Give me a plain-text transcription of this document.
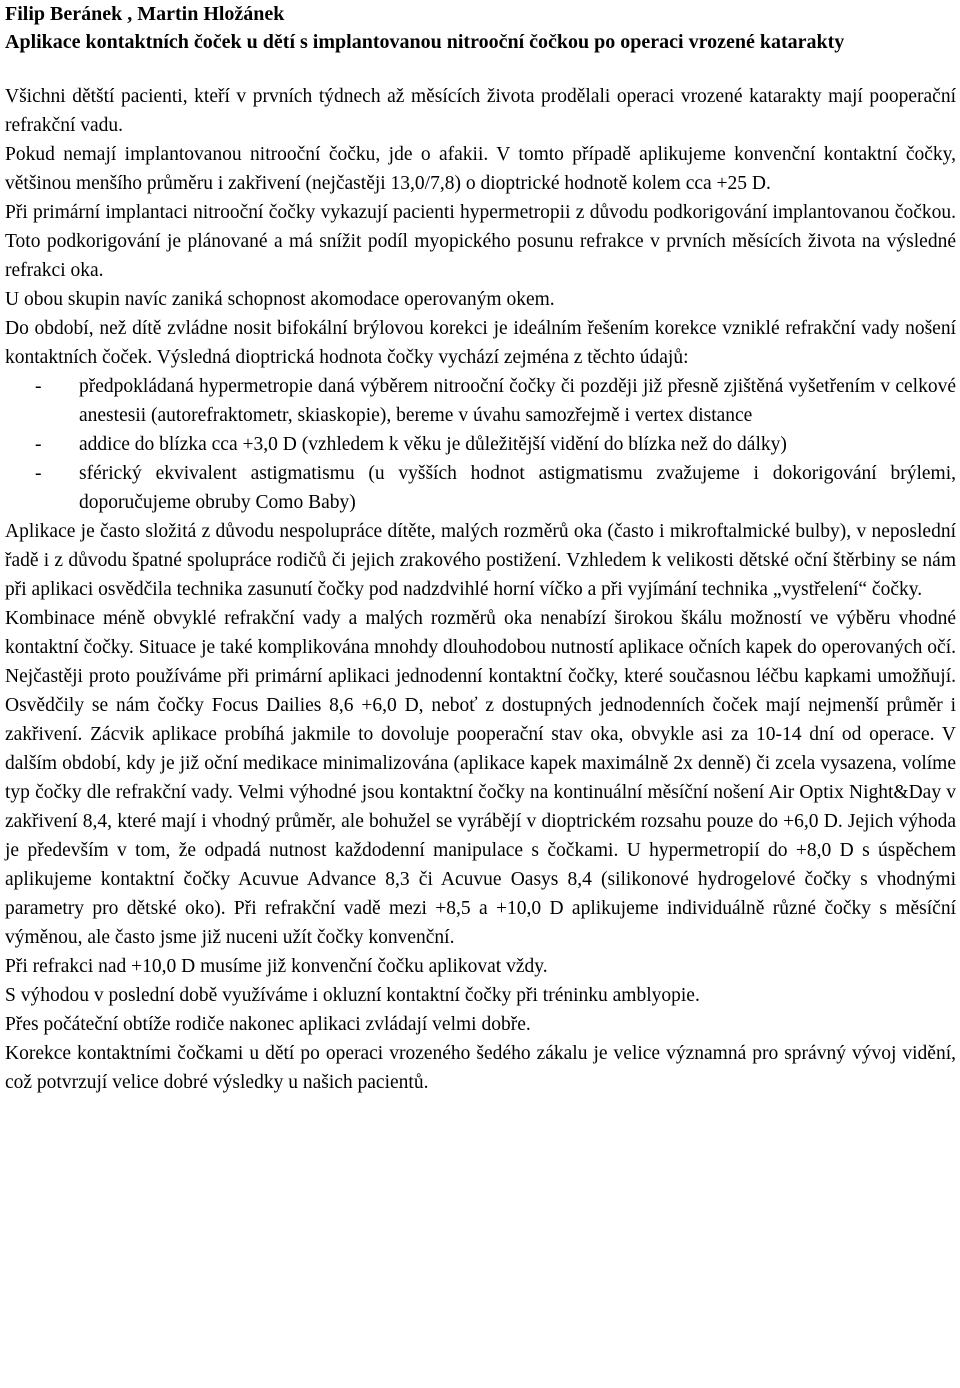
Filip Beránek , Martin Hložánek
Aplikace kontaktních čoček u dětí s implantovanou nitrooční čočkou po operaci vrozené katarakty

Všichni dětští pacienti, kteří v prvních týdnech až měsících života prodělali operaci vrozené katarakty mají pooperační refrakční vadu.

Pokud nemají implantovanou nitrooční čočku, jde o afakii. V tomto případě aplikujeme konvenční kontaktní čočky, většinou menšího průměru i zakřivení (nejčastěji 13,0/7,8) o dioptrické hodnotě kolem cca +25 D.

Při primární implantaci nitrooční čočky vykazují pacienti hypermetropii z důvodu podkorigování implantovanou čočkou. Toto podkorigování je plánované a má snížit podíl myopického posunu refrakce v prvních měsících života na výsledné refrakci oka.

U obou skupin navíc zaniká schopnost akomodace operovaným okem.

Do období, než dítě zvládne nosit bifokální brýlovou korekci je ideálním řešením korekce vzniklé refrakční vady nošení kontaktních čoček. Výsledná dioptrická hodnota čočky vychází zejména z těchto údajů:

- předpokládaná hypermetropie daná výběrem nitrooční čočky či později již přesně zjištěná vyšetřením v celkové anestesii (autorefraktometr, skiaskopie), bereme v úvahu samozřejmě i vertex distance
- addice do blízka cca +3,0 D (vzhledem k věku je důležitější vidění do blízka než do dálky)
- sférický ekvivalent astigmatismu (u vyšších hodnot astigmatismu zvažujeme i dokorigování brýlemi, doporučujeme obruby Como Baby)

Aplikace je často složitá z důvodu nespolupráce dítěte, malých rozměrů oka (často i mikroftalmické bulby), v neposlední řadě i z důvodu špatné spolupráce rodičů či jejich zrakového postižení. Vzhledem k velikosti dětské oční štěrbiny se nám při aplikaci osvědčila technika zasunutí čočky pod nadzdvihlé horní víčko a při vyjímání technika „vystřelení“ čočky.

Kombinace méně obvyklé refrakční vady a malých rozměrů oka nenabízí širokou škálu možností ve výběru vhodné kontaktní čočky. Situace je také komplikována mnohdy dlouhodobou nutností aplikace očních kapek do operovaných očí. Nejčastěji proto používáme při primární aplikaci jednodenní kontaktní čočky, které současnou léčbu kapkami umožňují. Osvědčily se nám čočky Focus Dailies 8,6 +6,0 D, neboť z dostupných jednodenních čoček mají nejmenší průměr i zakřivení. Zácvik aplikace probíhá jakmile to dovoluje pooperační stav oka, obvykle asi za 10-14 dní od operace. V dalším období, kdy je již oční medikace minimalizována (aplikace kapek maximálně 2x denně) či zcela vysazena, volíme typ čočky dle refrakční vady. Velmi výhodné jsou kontaktní čočky na kontinuální měsíční nošení Air Optix Night&Day v zakřivení 8,4, které mají i vhodný průměr, ale bohužel se vyrábějí v dioptrickém rozsahu pouze do +6,0 D. Jejich výhoda je především v tom, že odpadá nutnost každodenní manipulace s čočkami. U hypermetropií do +8,0 D s úspěchem aplikujeme kontaktní čočky Acuvue Advance 8,3 či Acuvue Oasys 8,4 (silikonové hydrogelové čočky s vhodnými parametry pro dětské oko). Při refrakční vadě mezi +8,5 a +10,0 D aplikujeme individuálně různé čočky s měsíční výměnou, ale často jsme již nuceni užít čočky konvenční.

Při refrakci nad +10,0 D musíme již konvenční čočku aplikovat vždy.

S výhodou v poslední době využíváme i okluzní kontaktní čočky při tréninku amblyopie.

Přes počáteční obtíže rodiče nakonec aplikaci zvládají velmi dobře.

Korekce kontaktními čočkami u dětí po operaci vrozeného šedého zákalu je velice významná pro správný vývoj vidění, což potvrzují velice dobré výsledky u našich pacientů.
